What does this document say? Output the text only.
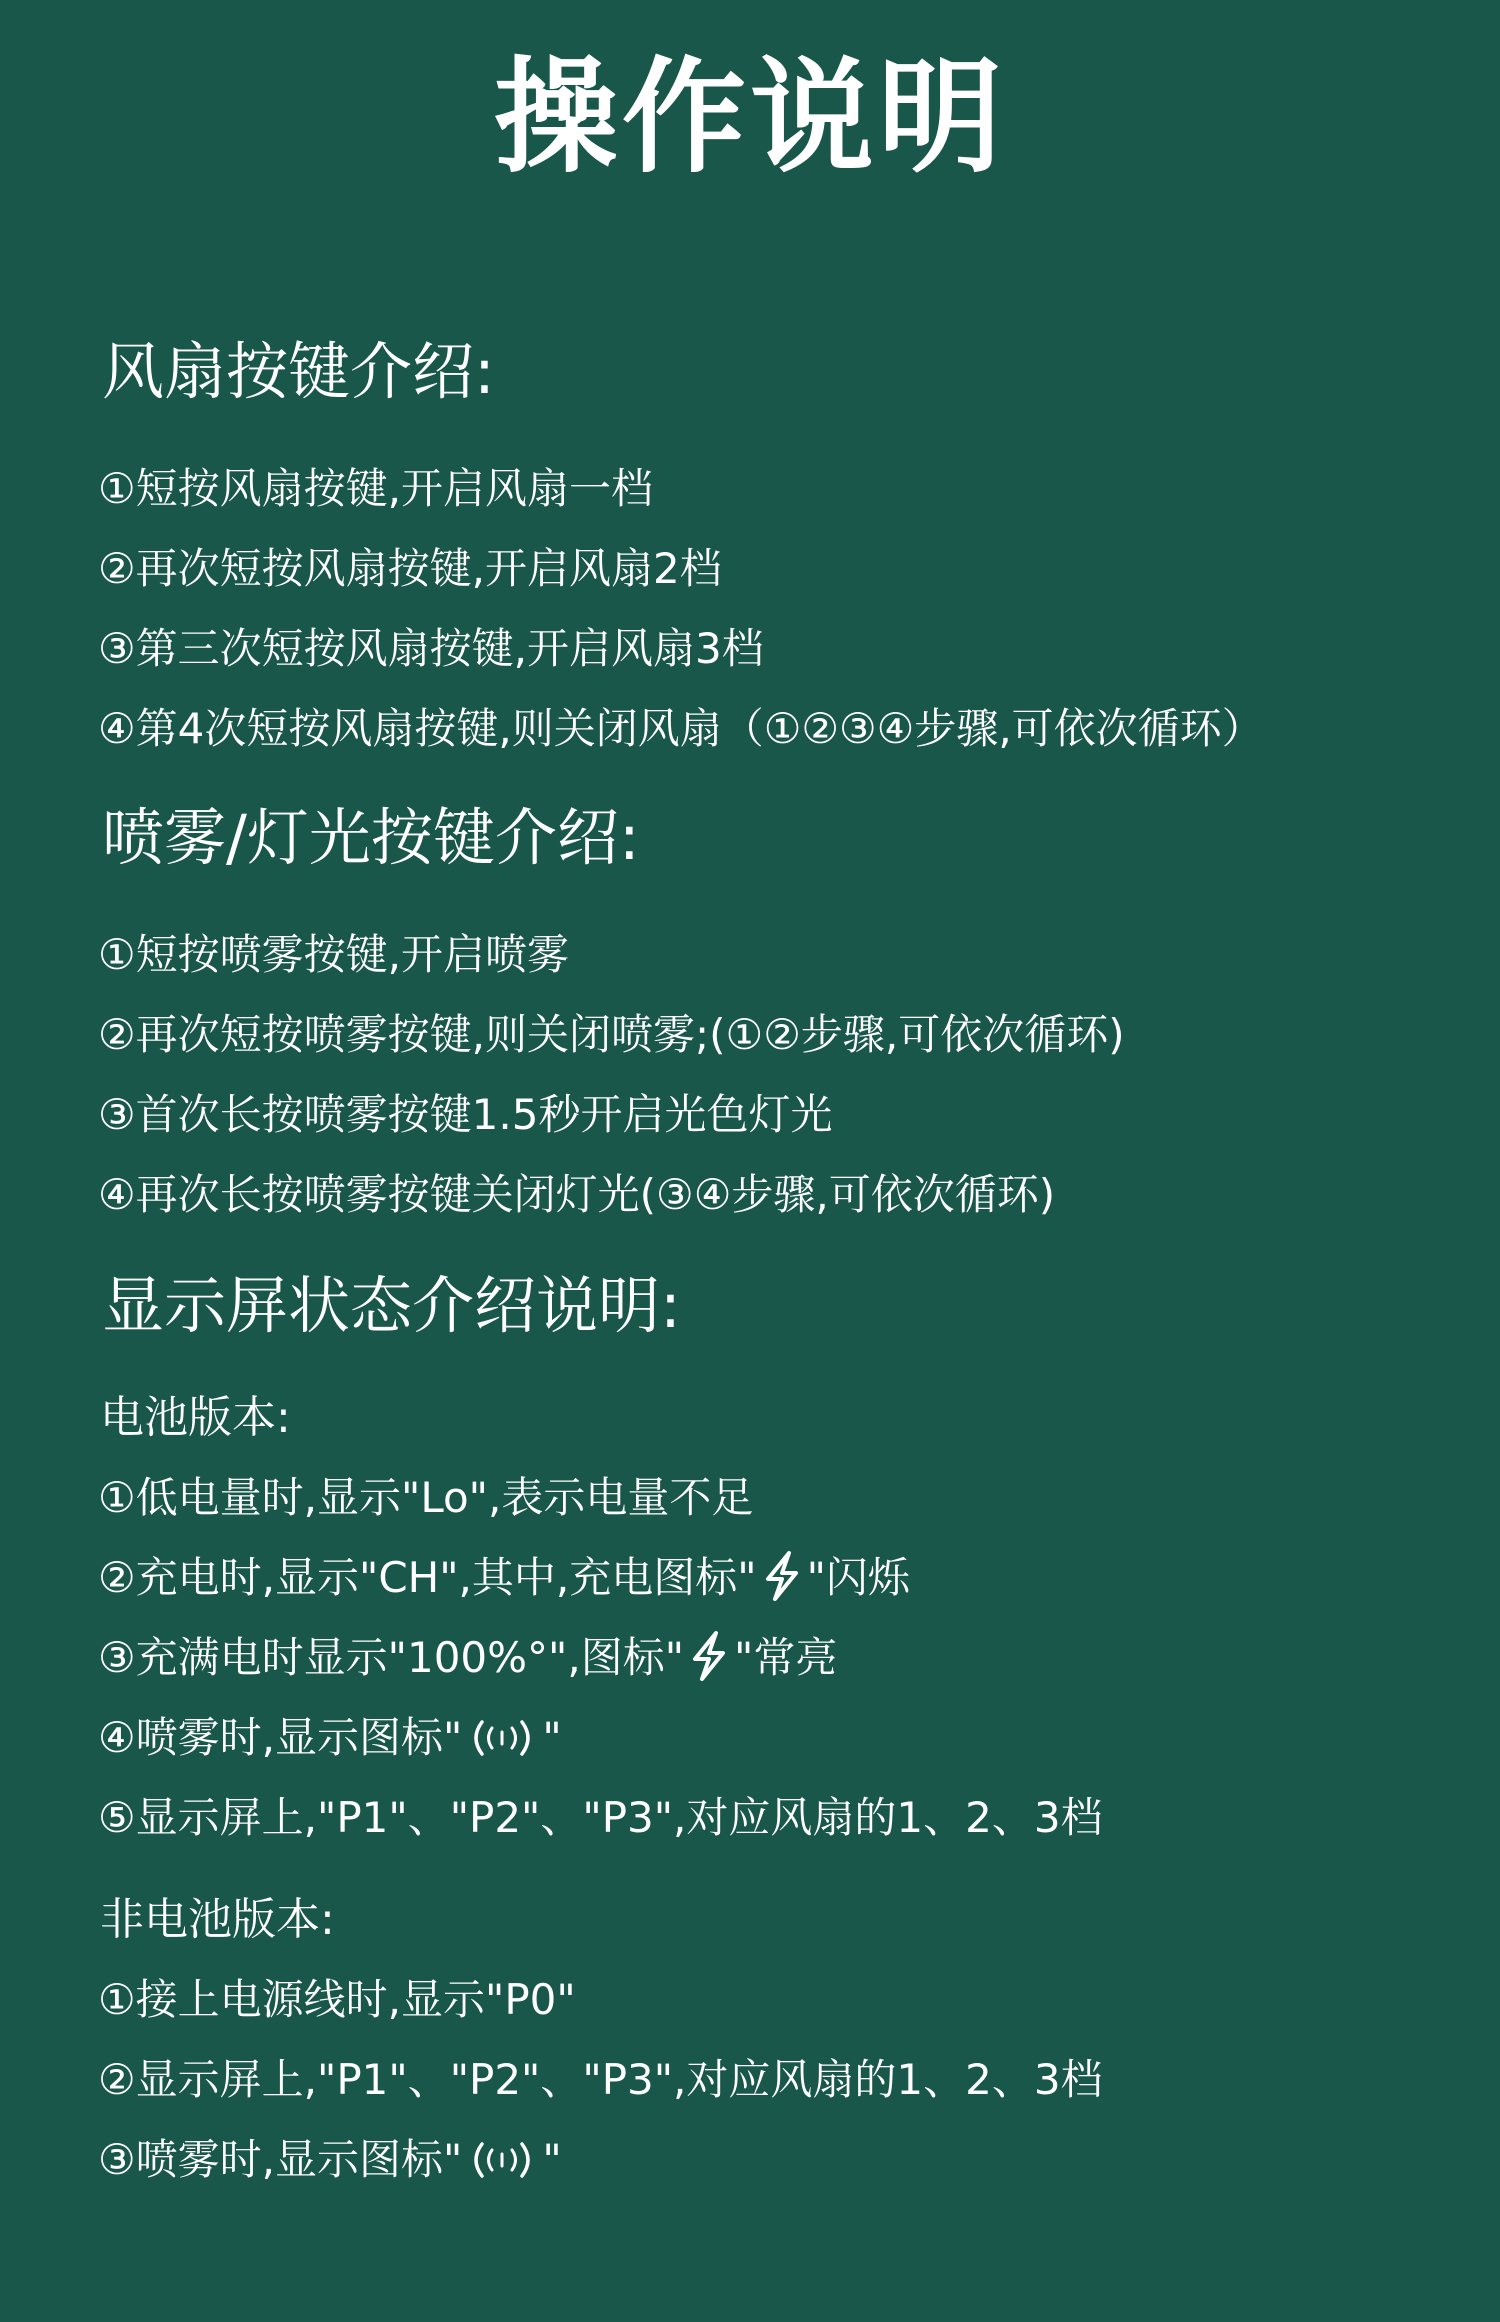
操作说明
风扇按键介绍:
①短按风扇按键,开启风扇一档
②再次短按风扇按键,开启风扇2档
③第三次短按风扇按键,开启风扇3档
④第4次短按风扇按键,则关闭风扇（①②③④步骤,可依次循环）
喷雾/灯光按键介绍:
①短按喷雾按键,开启喷雾
②再次短按喷雾按键,则关闭喷雾;(①②步骤,可依次循环)
③首次长按喷雾按键1.5秒开启光色灯光
④再次长按喷雾按键关闭灯光(③④步骤,可依次循环)
显示屏状态介绍说明:
电池版本:
①低电量时,显示"Lo",表示电量不足
②充电时,显示"CH",其中,充电图标" "闪烁
③充满电时显示"100%°",图标" "常亮
④喷雾时,显示图标" "
⑤显示屏上,"P1"、"P2"、"P3",对应风扇的1、2、3档
非电池版本:
①接上电源线时,显示"P0"
②显示屏上,"P1"、"P2"、"P3",对应风扇的1、2、3档
③喷雾时,显示图标" "
